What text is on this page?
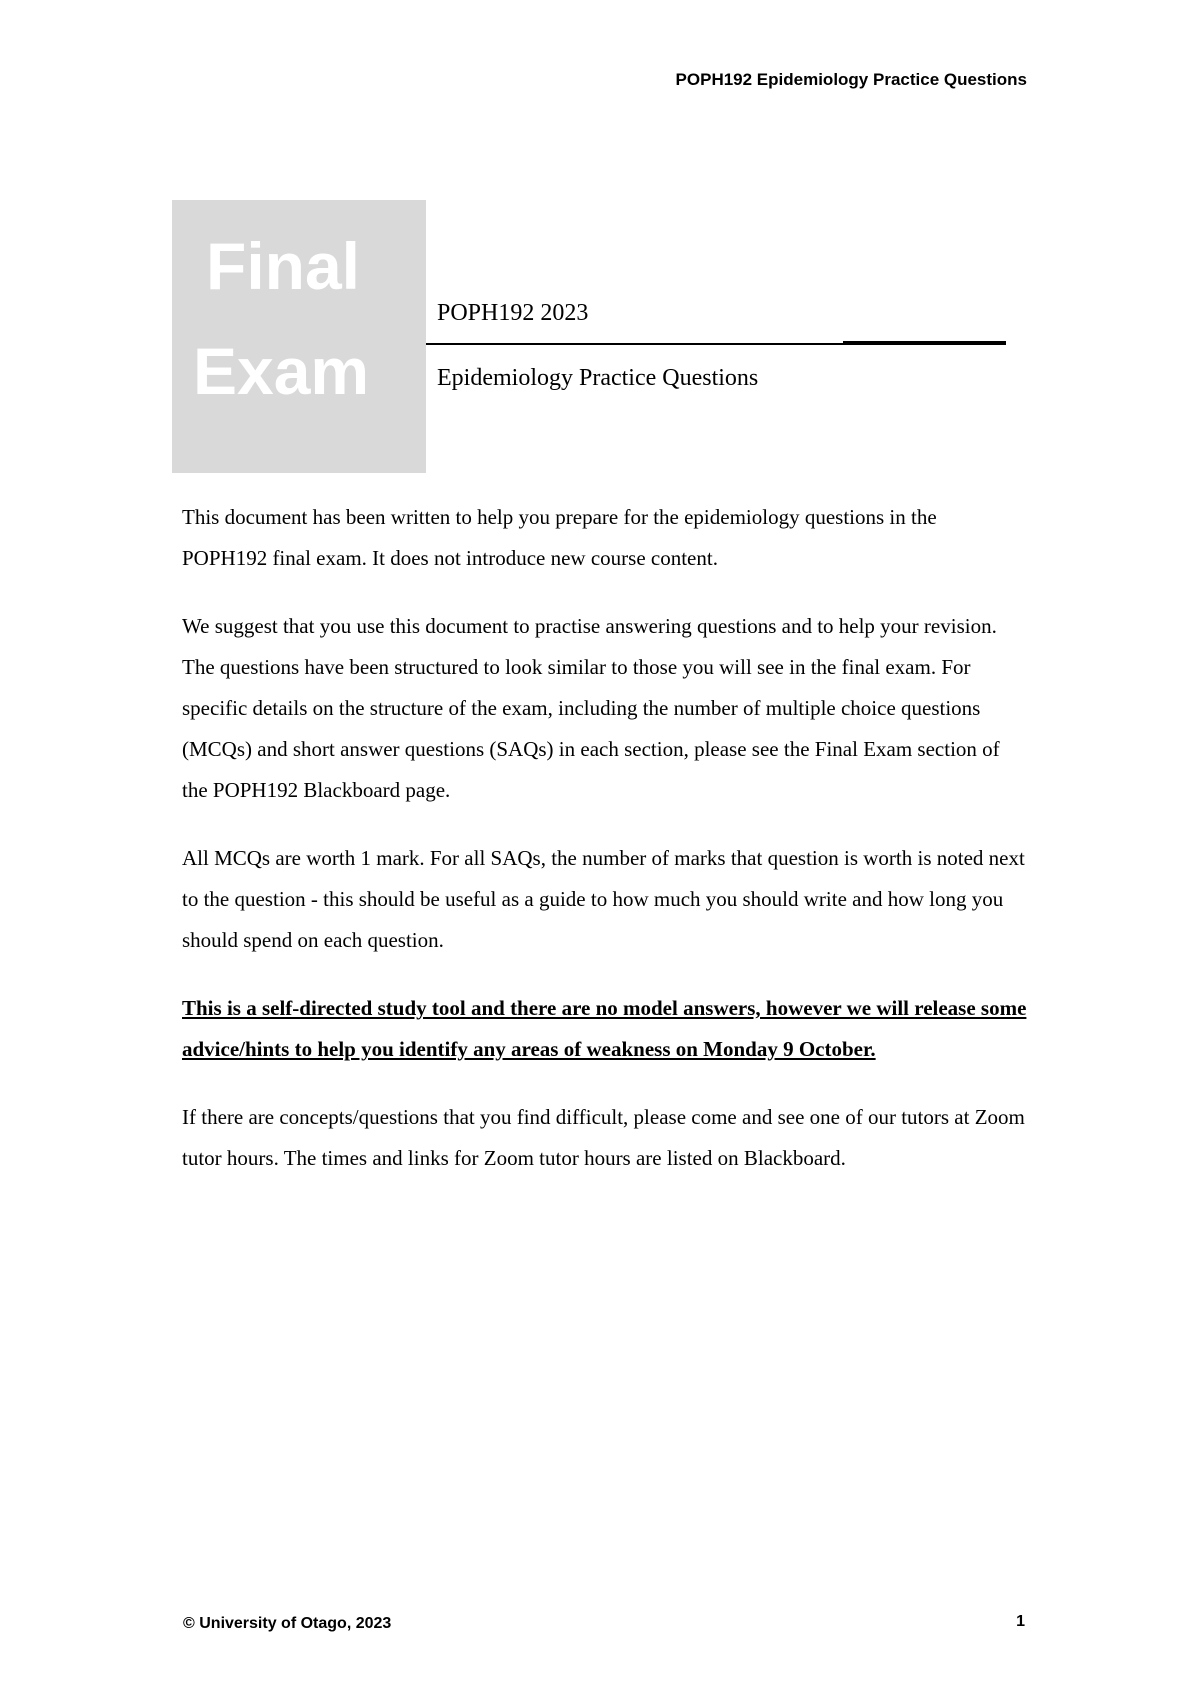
POPH192 Epidemiology Practice Questions
Final
Exam
POPH192 2023
Epidemiology Practice Questions

This document has been written to help you prepare for the epidemiology questions in the POPH192 final exam. It does not introduce new course content.

We suggest that you use this document to practise answering questions and to help your revision. The questions have been structured to look similar to those you will see in the final exam. For specific details on the structure of the exam, including the number of multiple choice questions (MCQs) and short answer questions (SAQs) in each section, please see the Final Exam section of the POPH192 Blackboard page.

All MCQs are worth 1 mark. For all SAQs, the number of marks that question is worth is noted next to the question - this should be useful as a guide to how much you should write and how long you should spend on each question.

This is a self-directed study tool and there are no model answers, however we will release some advice/hints to help you identify any areas of weakness on Monday 9 October.

If there are concepts/questions that you find difficult, please come and see one of our tutors at Zoom tutor hours. The times and links for Zoom tutor hours are listed on Blackboard.

© University of Otago, 2023	1
